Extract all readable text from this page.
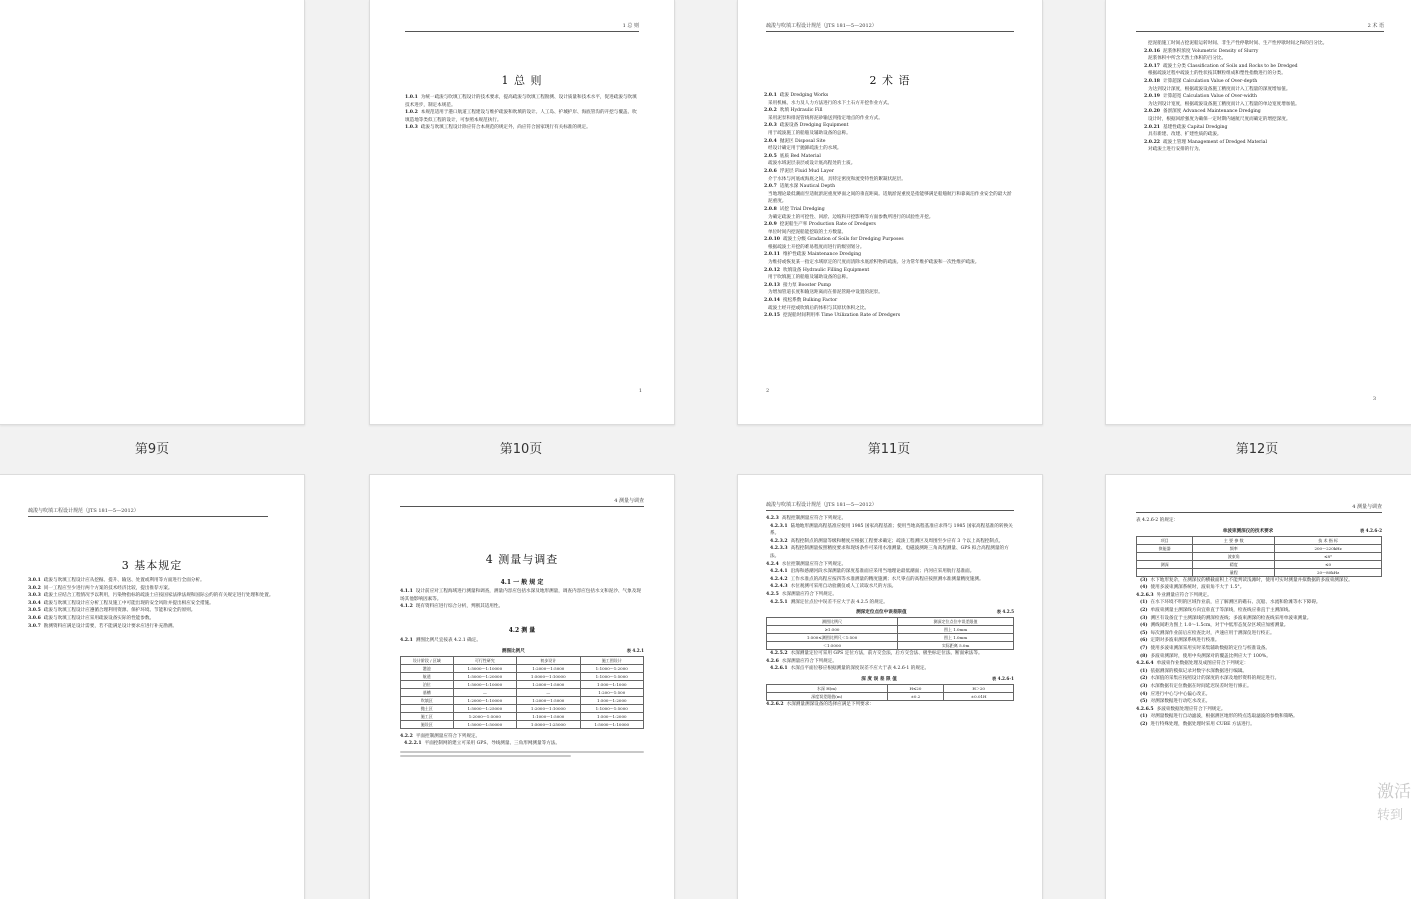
第9页
1 总 则
1 总 则

1.0.1 为统一疏浚与吹填工程设计的技术要求，提高疏浚与吹填工程勘测、设计质量和技术水平，促进疏浚与吹填技术进步，制定本规范。

1.0.2 本规范适用于港口航道工程建设与维护疏浚和吹填的设计。人工岛、护城护岸、海底管沟的开挖与覆盖、吹填造地等类似工程的设计，可参照本规范执行。

1.0.3 疏浚与吹填工程设计除应符合本规范的规定外，尚应符合国家现行有关标准的规定。

1
第10页
疏浚与吹填工程设计规范（JTS 181—5—2012）
2 术 语

2.0.1 疏浚 Dredging Works

采用机械、水力及人力方法进行的水下土石方开挖作业方式。

2.0.2 吹填 Hydraulic Fill

采用泥泵和排泥管线将泥砂输送到指定地点的作业方式。

2.0.3 疏浚设备 Dredging Equipment

用于疏浚施工的船舶及辅助设备的总称。

2.0.4 抛泥区 Disposal Site

经设计确定用于抛卸疏浚土的水域。

2.0.5 底质 Bed Material

疏浚水域泥层表层或设计底高程处的土质。

2.0.6 浮泥层 Fluid Mud Layer

介于水体与河底或海底之间，具特定密度和流变特性的絮凝状泥层。

2.0.7 适航水深 Nautical Depth

当地理论最低潮面至适航淤泥重度界面之间的垂直距离。适航淤泥重度是指能够满足船舶航行和靠离泊作业安全的最大淤泥重度。

2.0.8 试挖 Trial Dredging

为确定疏浚土的可挖性、回淤、边坡和开挖影响等方面参数所进行的试验性开挖。

2.0.9 挖泥船生产率 Production Rate of Dredgers

单位时间内挖泥船能挖取的土方数量。

2.0.10 疏浚土分级 Gradation of Soils for Dredging Purposes

根据疏浚土开挖的难易程度而进行的级别划分。

2.0.11 维护性疏浚 Maintenance Dredging

为维持或恢复某一指定水域原定的尺度而清除水底淤积物的疏浚。分为常年维护疏浚和一次性维护疏浚。

2.0.12 吹填设备 Hydraulic Filling Equipment

用于吹填施工的船舶及辅助设备的总称。

2.0.13 接力泵 Booster Pump

为增加管道长度和输送距离而在排泥管路中设置的泥泵。

2.0.14 搅松系数 Bulking Factor

疏浚土经开挖或吹填后的体积与其原状体积之比。

2.0.15 挖泥船时间利用率 Time Utilization Rate of Dredgers

2
第11页
2 术 语

挖泥船施工时间占挖泥船运转时间、非生产性停歇时间、生产性停歇时间之和的百分比。

2.0.16 泥浆体积浓度 Volumetric Density of Slurry

泥浆体积中所含天然土体积的百分比。

2.0.17 疏浚土分类 Classification of Soils and Rocks to be Dredged

根据疏浚过程中疏浚土的性状按其颗粒组成和塑性指数进行的分类。

2.0.18 计算超深 Calculation Value of Over-depth

为达到设计深度，根据疏浚设备施工精度而计入工程量的深度增加值。

2.0.19 计算超宽 Calculation Value of Over-width

为达到设计宽度，根据疏浚设备施工精度而计入工程量的单边宽度增加值。

2.0.20 备淤深度 Advanced Maintenance Dredging

设计时，根据回淤强度为确保一定时期内通航尺度而确定的增挖深度。

2.0.21 基建性疏浚 Capital Dredging

具有新建、改建、扩建性质的疏浚。

2.0.22 疏浚土管理 Management of Dredged Material

对疏浚土进行安排的行为。

3
第12页
疏浚与吹填工程设计规范（JTS 181—5—2012）
3 基本规定

3.0.1 疏浚与吹填工程设计应从挖掘、提升、输送、处置或利用等方面进行全面分析。

3.0.2 同一工程应至少进行两个方案的技术经济比较，提出推荐方案。

3.0.3 疏浚土应结合工程情况予以利用，污染物指标的疏浚土应按国家法律法规和国际公约的有关规定进行处理和处置。

3.0.4 疏浚与吹填工程设计应分析工程及施工中可能出现的安全风险并提出相应安全措施。

3.0.5 疏浚与吹填工程设计应遵循合理利用资源、保护环境、节能和安全的原则。

3.0.6 疏浚与吹填工程设计应采用疏浚设备实际的性能参数。

3.0.7 勘测资料应满足设计需要，若不能满足设计要求应进行补充勘测。

4 测量与调查
4 测量与调查
4.1 一 般 规 定

4.1.1 设计前应对工程海域进行测量和调查，测量内容应包括水深及地形测量，调查内容应包括水文和泥沙、气象及现场其他影响因素等。

4.1.2 现有资料应进行综合分析，判断其适用性。

4.2 测 量

4.2.1 测图比例尺宜按表 4.2.1 确定。

测图比例尺	表 4.2.1
设计阶段 / 区域	可行性研究	初步设计	施工图设计
港池	1:5000～1:10000	1:2000～1:5000	1:1000～1:2000
航道	1:5000～1:20000	1:5000～1:10000	1:1000～1:5000
泊位	1:5000～1:10000	1:2000～1:5000	1:500～1:1000
基槽	—	—	1:200～1:500
吹填区	1:2000～1:10000	1:2000～1:5000	1:500～1:2000
抛土区	1:5000～1:25000	1:2000～1:10000	1:1000～1:5000
施工区	1:2000～1:5000	1:1000～1:5000	1:500～1:2000
施设区	1:5000～1:50000	1:5000～1:25000	1:5000～1:10000

4.2.2 平面控制测量应符合下列规定。

4.2.2.1 平面控制网的建立可采用 GPS、导线测量、三角形网测量等方法。

疏浚与吹填工程设计规范（JTS 181—5—2012）

4.2.3 高程控制测量应符合下列规定。

4.2.3.1 陆地地形测量高程基准应使用 1985 国家高程基准；使用当地高程基准应求得与 1985 国家高程基准的转换关系。

4.2.3.2 高程控制点的测量等级和精度应根据工程要求确定；疏浚工程测区及周围至少应有 3 个以上高程控制点。

4.2.3.3 高程控制测量按照精度要求和现场条件可采用水准测量、电磁波测距三角高程测量、GPS 拟合高程测量的方法。

4.2.4 水位控制测量应符合下列规定。

4.2.4.1 沿海和感潮河段水深测量的深度基准面应采用当地理论最低潮面；内河应采用航行基准面。

4.2.4.2 工作水准点的高程应按四等水准测量的精度施测；水尺零点的高程应按照测水准测量精度施测。

4.2.4.3 水位观测可采用自动验潮仪或人工读取水尺的方法。

4.2.5 水深测量应符合下列规定。

4.2.5.1 测深定位点位中误差不应大于表 4.2.5 的规定。

测深定位点位中误差限值	表 4.2.5
测图比例尺	测深定位点位中误差限值
≥1:500	图上 1.0mm
1:500≤测图比例尺＜1:500	图上 1.0mm
＜1:5000	实际距离 5.0m

4.2.5.2 水深测量定位可采用 GPS 定位方法，前方交会法，后方交会法、极坐标定位法、断面索法等。

4.2.6 水深测量应符合下列规定。

4.2.6.1 水深点平面位移应根据测量的深度误差不应大于表 4.2.6-1 的规定。

深 度 误 差 限 值	表 4.2.6-1
水深 H(m)	H≤20	H＞20
深度误差限值(m)	±0.2	±0.01H

4.2.6.2 水深测量测深设备的选择应满足下列要求：

4 测量与调查

表 4.2.6-2 的规定：

单波束测深仪的技术要求	表 4.2.6-2
项目	主 要 参 数	技 术 指 标
换能器	频率	200～220kHz
	波束角	≤8°
测深	精度	≤0
	量程	20～80kHz

(3) 水下地形复杂，在测深仪的横截面积上不能判读浅滩时，使用可实时测量并拟数据的多波束测深仪。

(4) 使用多波束测深系统时，波束角不大于 1.5°。

4.2.6.3 外业测量应符合下列规定。

(1) 在水下环境不明的区域作业前，应了解测区的礁石、沉船、水流和险滩等水下障碍。

(2) 单波束测量主测深线方向宜垂直于等深线，检查线应垂直于主测深线。

(3) 测区有设备宜于主测深线的测深检查线；多波束测深的检查线采用单波束测量。

(4) 测线间距为图上 1.0～1.5cm，对于中低形态复杂区域应加密测量。

(5) 每次测深作业前后应检查比对，声速应用于测深仪进行校正。

(6) 定期对多波束测深系统进行校准。

(7) 使用多波束测深采用实时采集辅助数据的定位与校准设备。

(8) 多波束测深时，使用中央测深对的覆盖比例应大于 100%。

4.2.6.4 单波束作业数据处理及成图应符合下列规定：

(1) 依据测深的模拟记录对数字水深数据进行编辑。

(2) 水深值的采集应按照设计的深度的水深及地形资料的规定进行。

(3) 水深数据有定位数据在时间延迟误差时进行修正。

(4) 应进行中心与中心偏心改正。

(5) 对测深数据进行动吃水改正。

4.2.6.5 多波束数据处理应符合下列规定。

(1) 对测量数据进行自动滤波，根据测区地形的特点选取滤波的参数和策略。

(2) 进行特殊处理，数据处理时采用 CUBE 方法进行。

激活
转到
